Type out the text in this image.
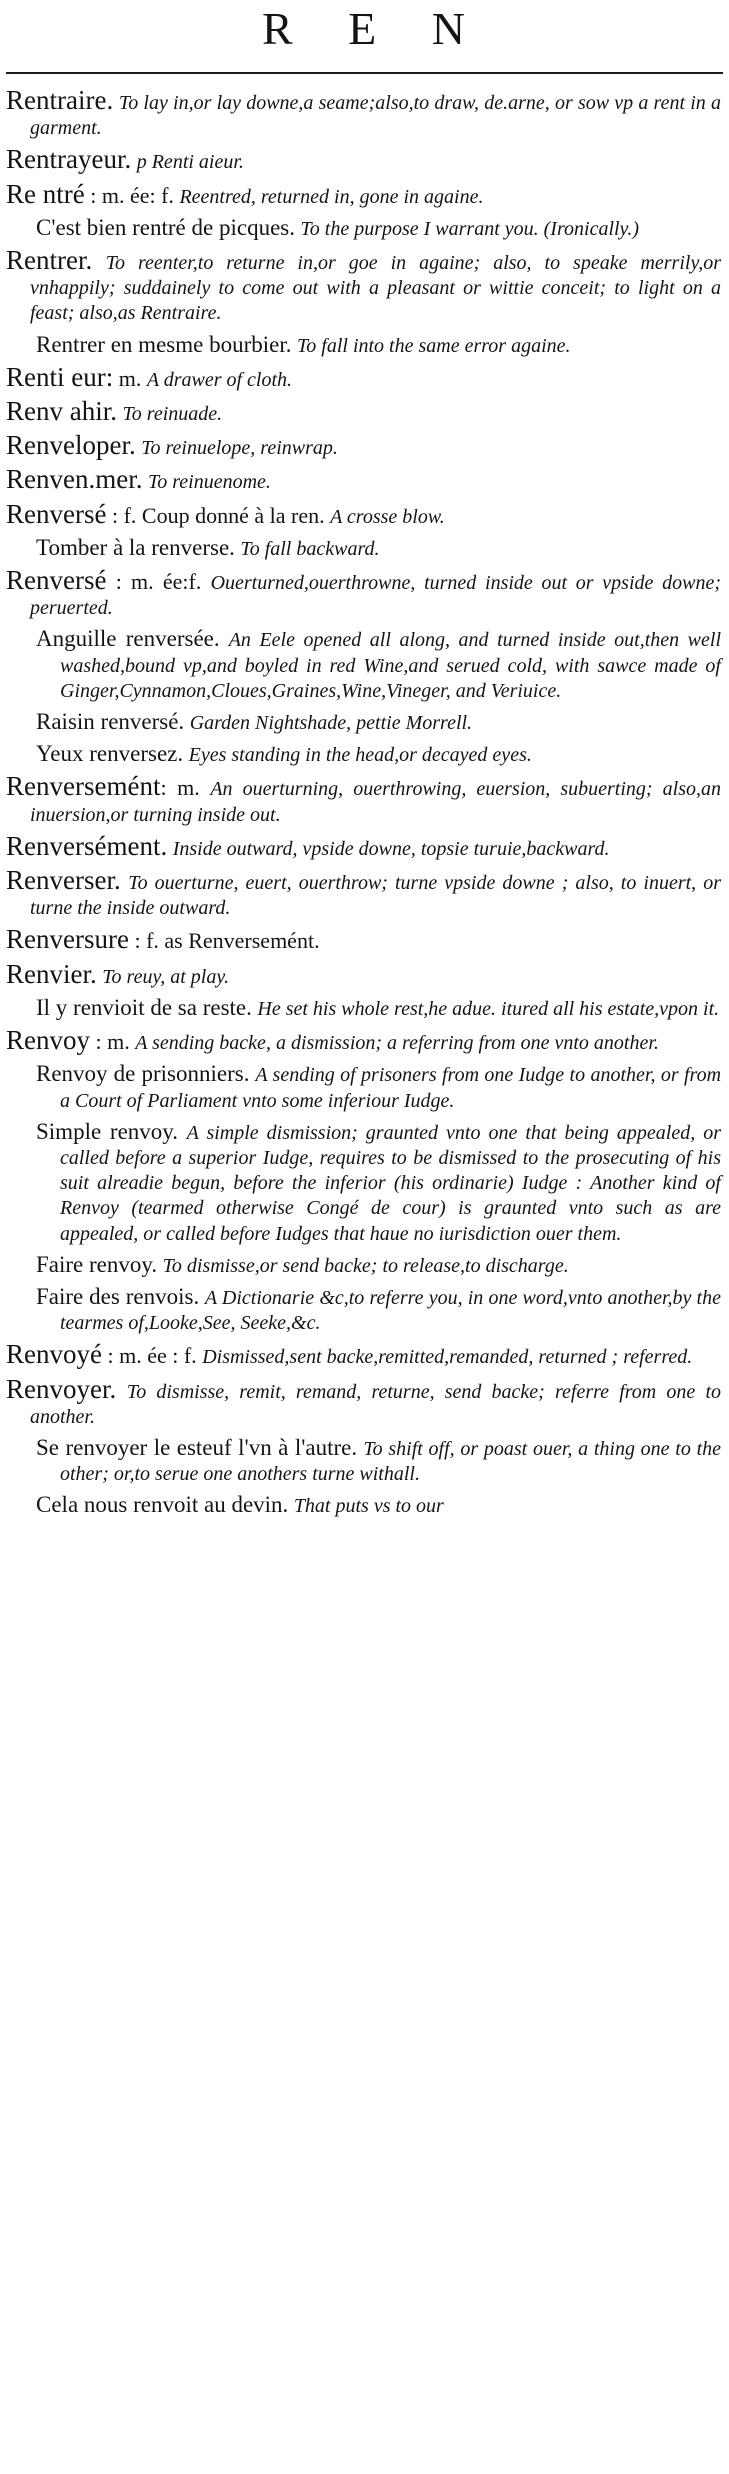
R E N

Rentraire. To lay in,or lay downe,a seame;also,to draw, de.arne, or sow vp a rent in a garment.

Rentrayeur. p Renti aieur.

Re ntré : m. ée: f. Reentred, returned in, gone in againe.

C'est bien rentré de picques. To the purpose I warrant you. (Ironically.)

Rentrer. To reenter,to returne in,or goe in againe; also, to speake merrily,or vnhappily; suddainely to come out with a pleasant or wittie conceit; to light on a feast; also,as Rentraire.

Rentrer en mesme bourbier. To fall into the same error againe.

Renti eur: m. A drawer of cloth.

Renv ahir. To reinuade.

Renveloper. To reinuelope, reinwrap.

Renven.mer. To reinuenome.

Renversé : f. Coup donné à la ren. A crosse blow.

Tomber à la renverse. To fall backward.

Renversé : m. ée:f. Ouerturned,ouerthrowne, turned inside out or vpside downe; peruerted.

Anguille renversée. An Eele opened all along, and turned inside out,then well washed,bound vp,and boyled in red Wine,and serued cold, with sawce made of Ginger,Cynnamon,Cloues,Graines,Wine,Vineger, and Veriuice.

Raisin renversé. Garden Nightshade, pettie Morrell.

Yeux renversez. Eyes standing in the head,or decayed eyes.

Renversemént: m. An ouerturning, ouerthrowing, euersion, subuerting; also,an inuersion,or turning inside out.

Renversément. Inside outward, vpside downe, topsie turuie,backward.

Renverser. To ouerturne, euert, ouerthrow; turne vpside downe ; also, to inuert, or turne the inside outward.

Renversure : f. as Renversemént.

Renvier. To reuy, at play.

Il y renvioit de sa reste. He set his whole rest,he adue. itured all his estate,vpon it.

Renvoy : m. A sending backe, a dismission; a referring from one vnto another.

Renvoy de prisonniers. A sending of prisoners from one Iudge to another, or from a Court of Parliament vnto some inferiour Iudge.

Simple renvoy. A simple dismission; graunted vnto one that being appealed, or called before a superior Iudge, requires to be dismissed to the prosecuting of his suit alreadie begun, before the inferior (his ordinarie) Iudge : Another kind of Renvoy (tearmed otherwise Congé de cour) is graunted vnto such as are appealed, or called before Iudges that haue no iurisdiction ouer them.

Faire renvoy. To dismisse,or send backe; to release,to discharge.

Faire des renvois. A Dictionarie &c,to referre you, in one word,vnto another,by the tearmes of,Looke,See, Seeke,&c.

Renvoyé : m. ée : f. Dismissed,sent backe,remitted,remanded, returned ; referred.

Renvoyer. To dismisse, remit, remand, returne, send backe; referre from one to another.

Se renvoyer le esteuf l'vn à l'autre. To shift off, or poast ouer, a thing one to the other; or,to serue one anothers turne withall.

Cela nous renvoit au devin. That puts vs to our
